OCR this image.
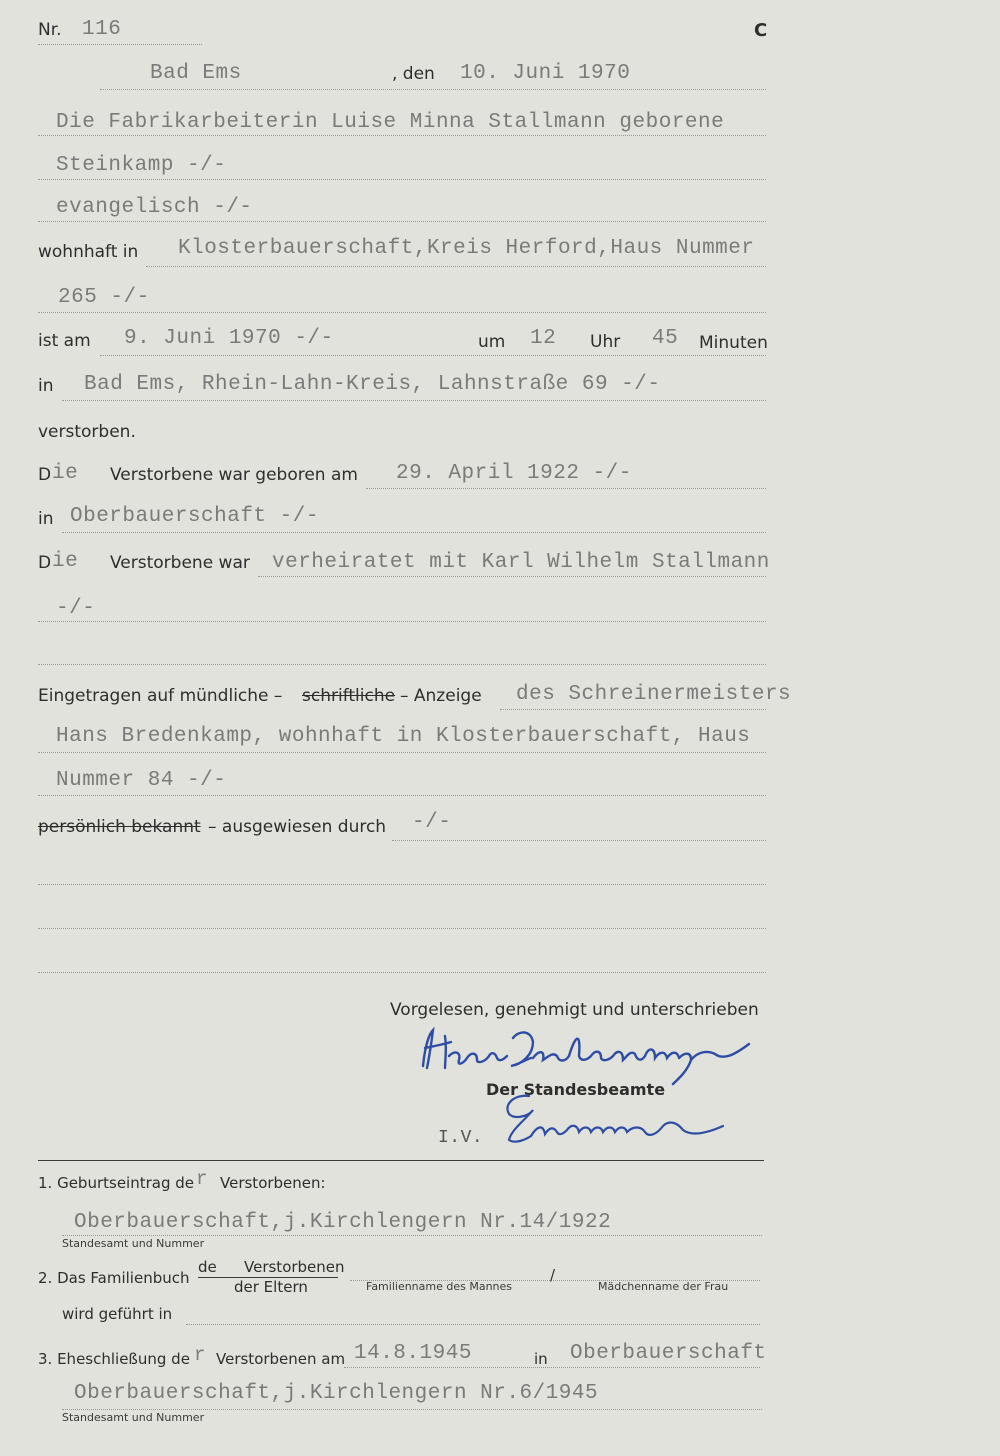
Nr. 116	C
Bad Ems	, den 10. Juni 1970
Die Fabrikarbeiterin Luise Minna Stallmann geborene
Steinkamp -/-
evangelisch -/-
wohnhaft in Klosterbauerschaft,Kreis Herford,Haus Nummer
265 -/-
ist am 9. Juni 1970 -/-	um 12 Uhr 45 Minuten
in Bad Ems, Rhein-Lahn-Kreis, Lahnstraße 69 -/-
verstorben.
D ie Verstorbene war geboren am 29. April 1922 -/-
in Oberbauerschaft -/-
D ie Verstorbene war verheiratet mit Karl Wilhelm Stallmann
-/-
Eingetragen auf mündliche – schriftliche – Anzeige des Schreinermeisters
Hans Bredenkamp, wohnhaft in Klosterbauerschaft, Haus
Nummer 84 -/-
persönlich bekannt – ausgewiesen durch -/-
Vorgelesen, genehmigt und unterschrieben
Der Standesbeamte
I.V.
1. Geburtseintrag de r Verstorbenen:
Oberbauerschaft,j.Kirchlengern Nr.14/1922
Standesamt und Nummer
2. Das Familienbuch
de Verstorbenen
der Eltern	Familienname des Mannes
/
Mädchenname der Frau
wird geführt in
3. Eheschließung de r Verstorbenen am 14.8.1945	in Oberbauerschaft
Oberbauerschaft,j.Kirchlengern Nr.6/1945
Standesamt und Nummer
